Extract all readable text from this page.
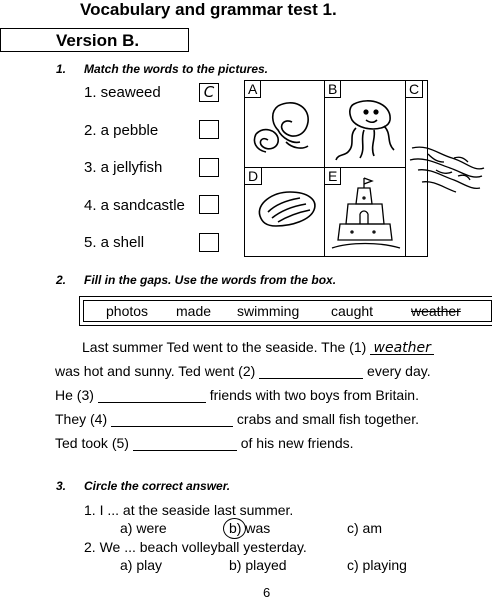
Vocabulary and grammar test 1.
Version B.
1. Match the words to the pictures.
1. seaweed
2. a pebble
3. a jellyfish
4. a sandcastle
5. a shell
C	A	B	C
D	E
2. Fill in the gaps. Use the words from the box.
photos made swimming caught	weather
Last summer Ted went to the seaside. The (1) weather
was hot and sunny. Ted went (2)	every day.
He (3)	friends with two boys from Britain.
They (4)	crabs and small fish together.
Ted took (5)	of his new friends.
3. Circle the correct answer.
1. I ... at the seaside last summer.
a) were	b) was	c) am
2. We ... beach volleyball yesterday.
a) play	b) played	c) playing
6
